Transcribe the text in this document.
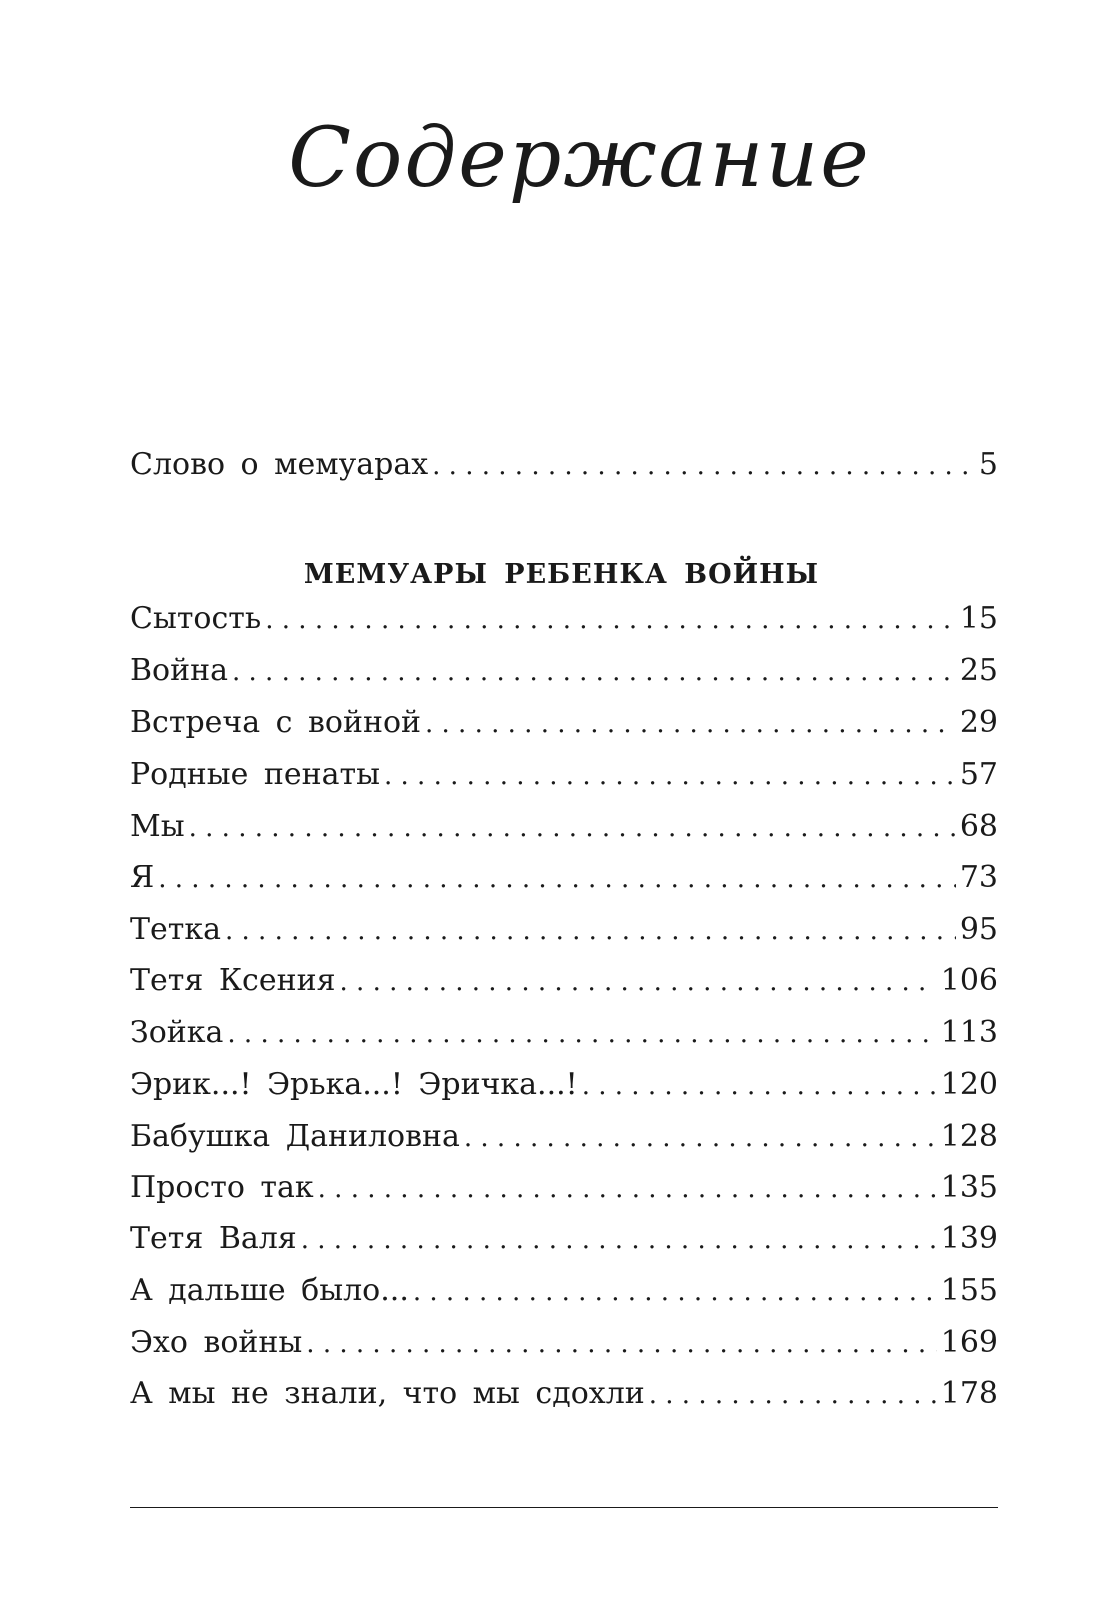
Содержание
Слово о мемуарах . . .	5
МЕМУАРЫ РЕБЕНКА ВОЙНЫ
Сытость . . .	15
Война . . .	25
Встреча с войной . . .	29
Родные пенаты . . .	57
Мы . . .	68
Я . . .	73
Тетка . . .	95
Тетя Ксения . . .	106
Зойка . . .	113
Эрик...! Эрька...! Эричка...! . . .	120
Бабушка Даниловна . . .	128
Просто так . . .	135
Тетя Валя . . .	139
А дальше было... . . .	155
Эхо войны . . .	169
А мы не знали, что мы сдохли . . .	178
